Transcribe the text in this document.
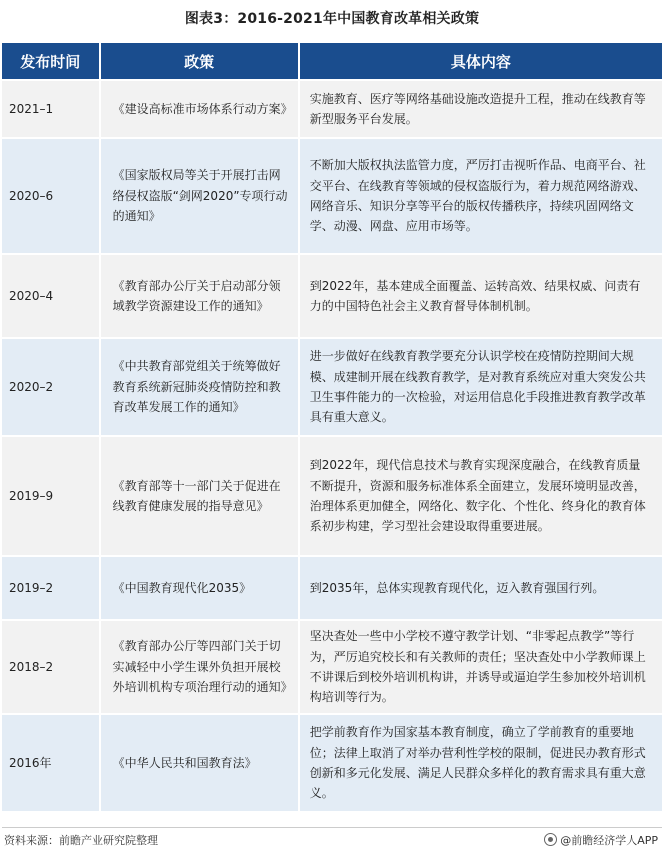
图表3：2016-2021年中国教育改革相关政策
发布时间	政策	具体内容
2021–1	《建设高标准市场体系行动方案》	实施教育、医疗等网络基础设施改造提升工程，推动在线教育等新型服务平台发展。
2020–6	《国家版权局等关于开展打击网络侵权盗版“剑网2020”专项行动的通知》	不断加大版权执法监管力度，严厉打击视听作品、电商平台、社交平台、在线教育等领域的侵权盗版行为，着力规范网络游戏、网络音乐、知识分享等平台的版权传播秩序，持续巩固网络文学、动漫、网盘、应用市场等。
2020–4	《教育部办公厅关于启动部分领域教学资源建设工作的通知》	到2022年，基本建成全面覆盖、运转高效、结果权威、问责有力的中国特色社会主义教育督导体制机制。
2020–2	《中共教育部党组关于统筹做好教育系统新冠肺炎疫情防控和教育改革发展工作的通知》	进一步做好在线教育教学要充分认识学校在疫情防控期间大规模、成建制开展在线教育教学，是对教育系统应对重大突发公共卫生事件能力的一次检验，对运用信息化手段推进教育教学改革具有重大意义。
2019–9	《教育部等十一部门关于促进在线教育健康发展的指导意见》	到2022年，现代信息技术与教育实现深度融合，在线教育质量不断提升，资源和服务标准体系全面建立，发展环境明显改善，治理体系更加健全，网络化、数字化、个性化、终身化的教育体系初步构建，学习型社会建设取得重要进展。
2019–2	《中国教育现代化2035》	到2035年，总体实现教育现代化，迈入教育强国行列。
2018–2	《教育部办公厅等四部门关于切实减轻中小学生课外负担开展校外培训机构专项治理行动的通知》	坚决查处一些中小学校不遵守教学计划、“非零起点教学”等行为，严厉追究校长和有关教师的责任；坚决查处中小学教师课上不讲课后到校外培训机构讲，并诱导或逼迫学生参加校外培训机构培训等行为。
2016年	《中华人民共和国教育法》	把学前教育作为国家基本教育制度，确立了学前教育的重要地位；法律上取消了对举办营利性学校的限制，促进民办教育形式创新和多元化发展、满足人民群众多样化的教育需求具有重大意义。
资料来源：前瞻产业研究院整理	@前瞻经济学人APP
